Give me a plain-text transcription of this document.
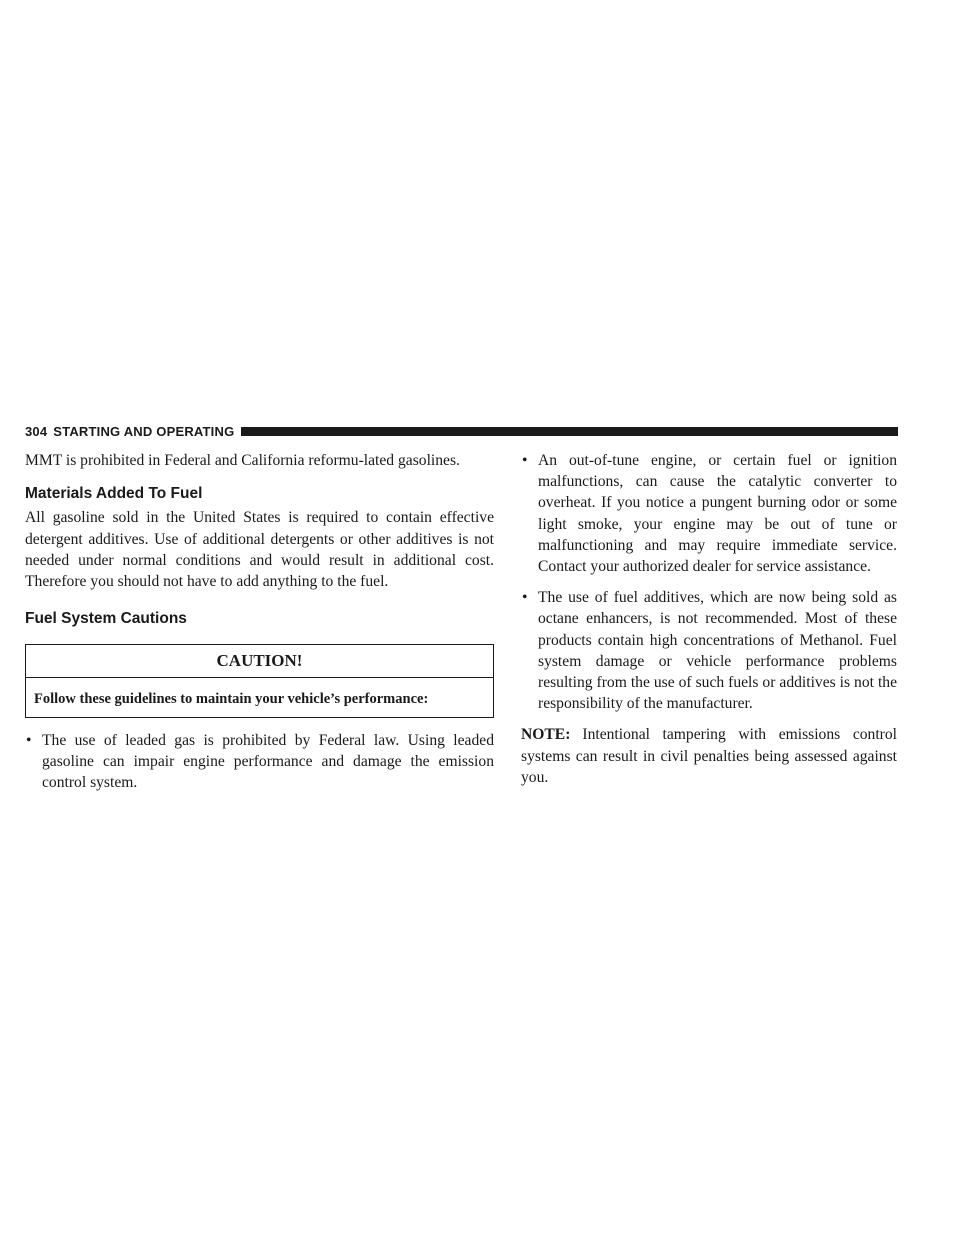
304 STARTING AND OPERATING

MMT is prohibited in Federal and California reformu-lated gasolines.

Materials Added To Fuel

All gasoline sold in the United States is required to contain effective detergent additives. Use of additional detergents or other additives is not needed under normal conditions and would result in additional cost. Therefore you should not have to add anything to the fuel.

Fuel System Cautions
CAUTION!
Follow these guidelines to maintain your vehicle’s performance:
• The use of leaded gas is prohibited by Federal law. Using leaded gasoline can impair engine performance and damage the emission control system.
• An out-of-tune engine, or certain fuel or ignition malfunctions, can cause the catalytic converter to overheat. If you notice a pungent burning odor or some light smoke, your engine may be out of tune or malfunctioning and may require immediate service. Contact your authorized dealer for service assistance.
• The use of fuel additives, which are now being sold as octane enhancers, is not recommended. Most of these products contain high concentrations of Methanol. Fuel system damage or vehicle performance problems resulting from the use of such fuels or additives is not the responsibility of the manufacturer.

NOTE: Intentional tampering with emissions control systems can result in civil penalties being assessed against you.
